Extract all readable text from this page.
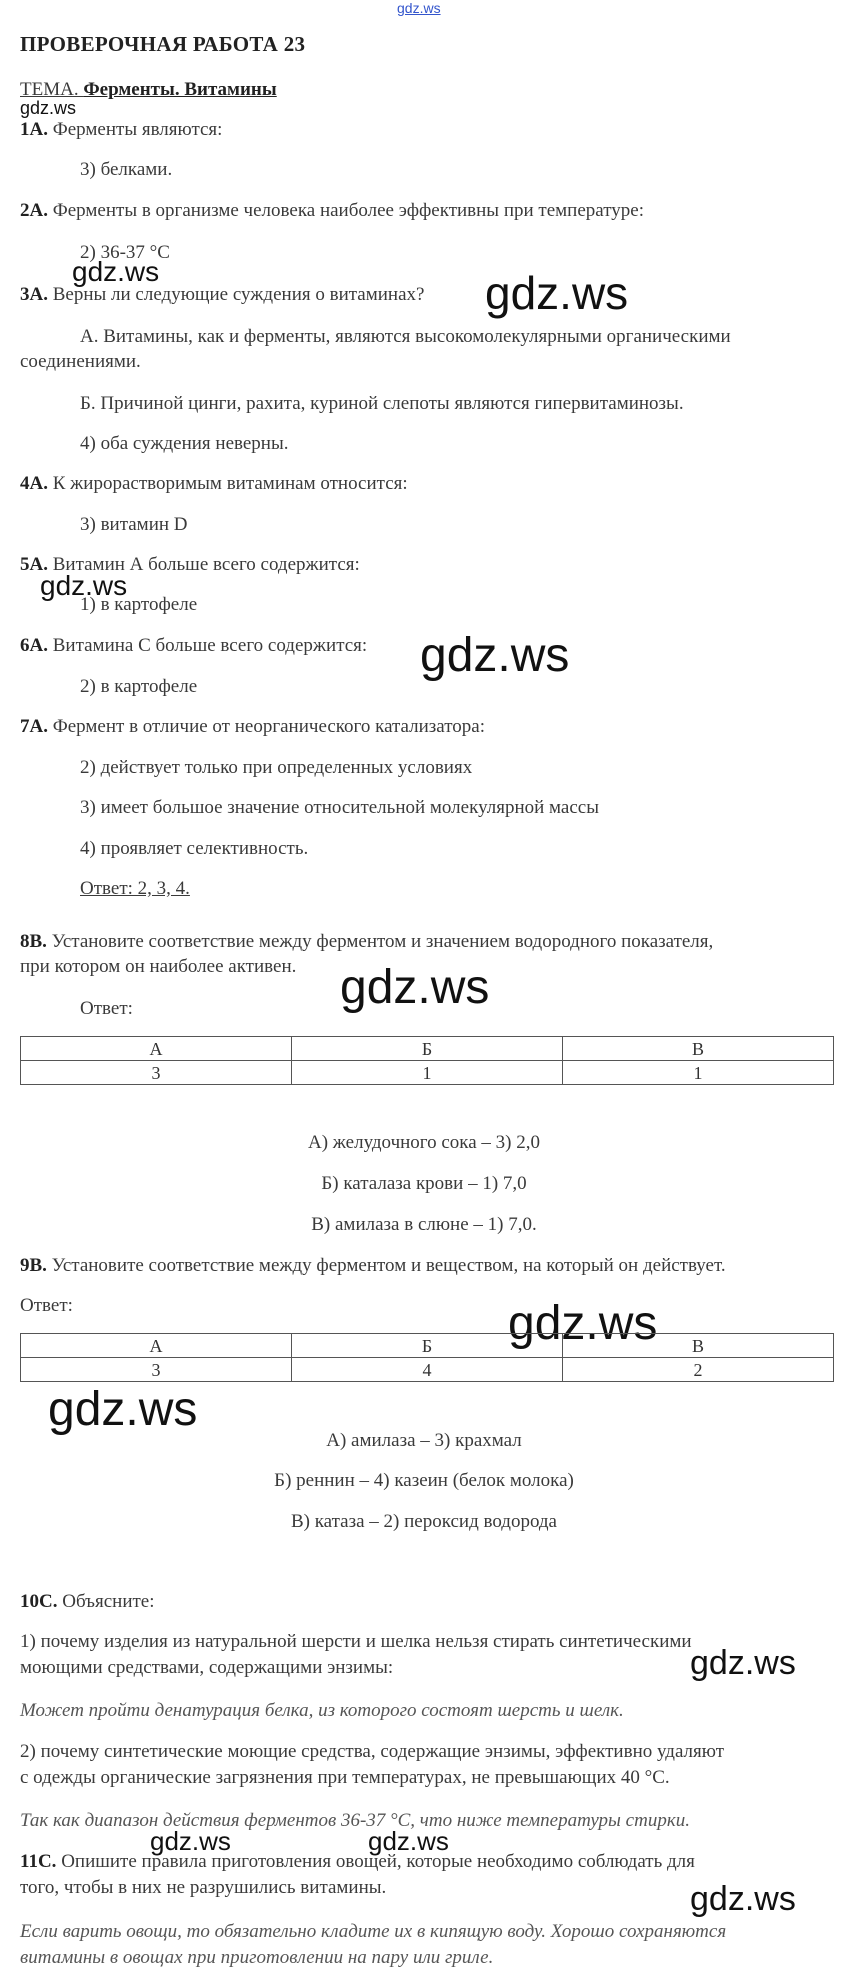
gdz.ws
ПРОВЕРОЧНАЯ РАБОТА 23
ТЕМА. Ферменты. Витамины
gdz.ws
1А. Ферменты являются:
3) белками.
2А. Ферменты в организме человека наиболее эффективны при температуре:
2) 36-37 °С
gdz.ws
3А. Верны ли следующие суждения о витаминах? gdz.ws
А. Витамины, как и ферменты, являются высокомолекулярными органическими
соединениями.
Б. Причиной цинги, рахита, куриной слепоты являются гипервитаминозы.
4) оба суждения неверны.
4А. К жирорастворимым витаминам относится:
3) витамин D
5А. Витамин А больше всего содержится:
gdz.ws
1) в картофеле
6А. Витамина С больше всего содержится: gdz.ws
2) в картофеле
7А. Фермент в отличие от неорганического катализатора:
2) действует только при определенных условиях
3) имеет большое значение относительной молекулярной массы
4) проявляет селективность.
Ответ: 2, 3, 4.
8В. Установите соответствие между ферментом и значением водородного показателя,
при котором он наиболее активен. gdz.ws
Ответ:
А	Б	В
3	1	1
А) желудочного сока – 3) 2,0
Б) каталаза крови – 1) 7,0
В) амилаза в слюне – 1) 7,0.
9В. Установите соответствие между ферментом и веществом, на который он действует.
Ответ:	gdz.ws
А	Б	В
3	4	2
gdz.ws
А) амилаза – 3) крахмал
Б) реннин – 4) казеин (белок молока)
В) катаза – 2) пероксид водорода
10С. Объясните:
1) почему изделия из натуральной шерсти и шелка нельзя стирать синтетическими
моющими средствами, содержащими энзимы:	gdz.ws
Может пройти денатурация белка, из которого состоят шерсть и шелк.
2) почему синтетические моющие средства, содержащие энзимы, эффективно удаляют
с одежды органические загрязнения при температурах, не превышающих 40 °С.
Так как диапазон действия ферментов 36-37 °С, что ниже температуры стирки.
gdz.ws	gdz.ws
11С. Опишите правила приготовления овощей, которые необходимо соблюдать для
того, чтобы в них не разрушились витамины.	gdz.ws
Если варить овощи, то обязательно кладите их в кипящую воду. Хорошо сохраняются
витамины в овощах при приготовлении на пару или гриле.
